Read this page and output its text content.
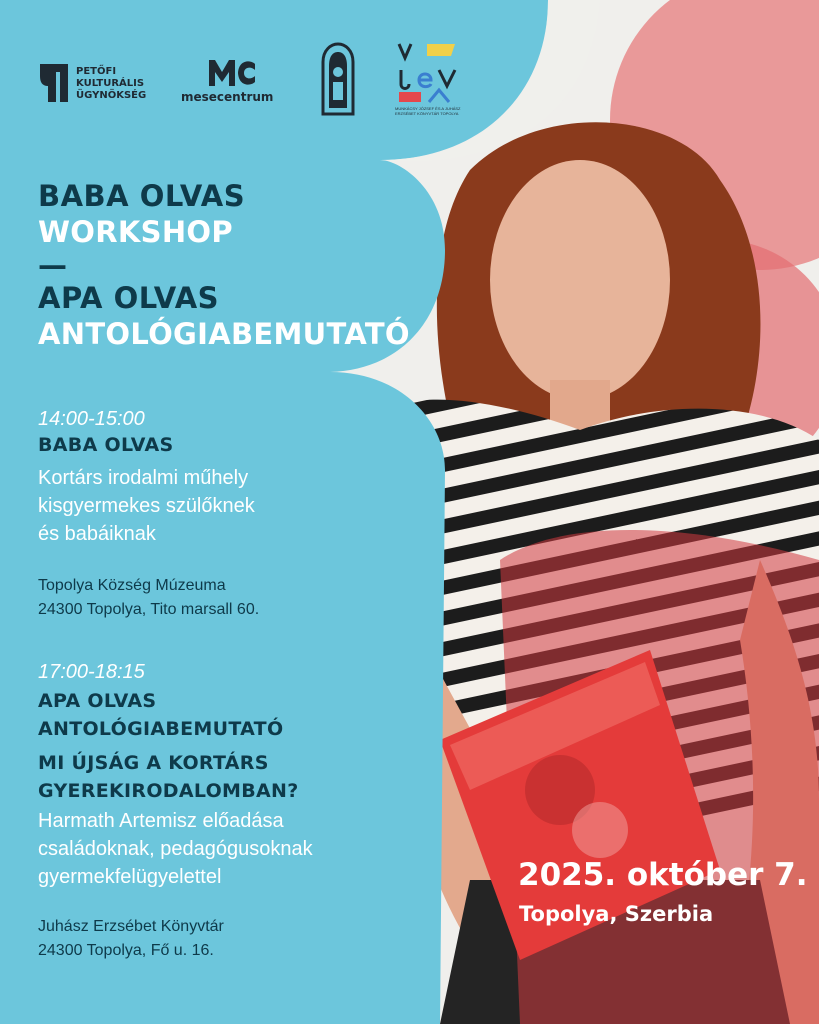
PETŐFI
KULTURÁLIS
ÜGYNÖKSÉG	mesecentrum
MUNKÁCSY JÓZSEF ÉS A JUHÁSZ ERZSÉBET KÖNYVTÁR TOPOLYA
BABA OLVAS
WORKSHOP
—
APA OLVAS
ANTOLÓGIABEMUTATÓ
14:00-15:00
BABA OLVAS
Kortárs irodalmi műhely
kisgyermekes szülőknek
és babáiknak
Topolya Község Múzeuma
24300 Topolya, Tito marsall 60.
17:00-18:15
APA OLVAS
ANTOLÓGIABEMUTATÓ
MI ÚJSÁG A KORTÁRS
GYEREKIRODALOMBAN?
Harmath Artemisz előadása
családoknak, pedagógusoknak
gyermekfelügyelettel
Juhász Erzsébet Könyvtár
24300 Topolya, Fő u. 16.
2025. október 7.
Topolya, Szerbia
